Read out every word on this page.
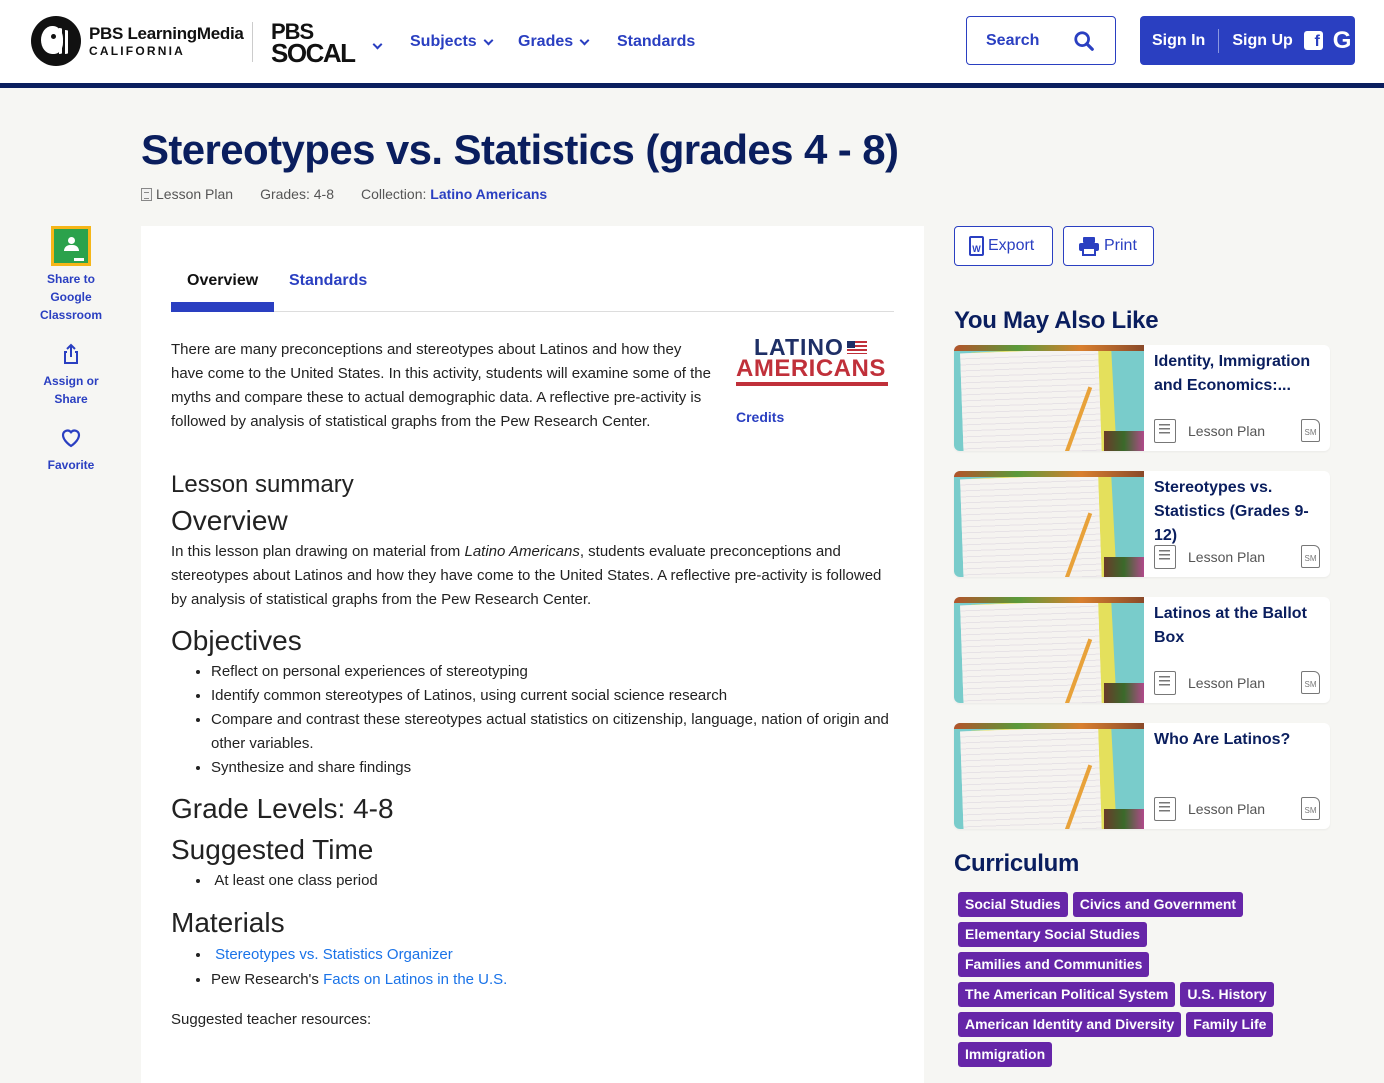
PBS LearningMedia
CALIFORNIA
PBS
SOCAL	Subjects	Grades	Standards	Search	Sign In Sign Up	f G
Stereotypes vs. Statistics (grades 4 - 8)
Lesson Plan Grades: 4-8 Collection: Latino Americans
Share to Google Classroom
Assign or Share
Favorite
Overview Standards

There are many preconceptions and stereotypes about Latinos and how they have come to the United States. In this activity, students will examine some of the myths and compare these to actual demographic data. A reflective pre-activity is followed by analysis of statistical graphs from the Pew Research Center.

LATINO
AMERICANS
Credits
Lesson summary
Overview

In this lesson plan drawing on material from Latino Americans, students evaluate preconceptions and stereotypes about Latinos and how they have come to the United States. A reflective pre-activity is followed by analysis of statistical graphs from the Pew Research Center.

Objectives
• Reflect on personal experiences of stereotyping
• Identify common stereotypes of Latinos, using current social science research
• Compare and contrast these stereotypes actual statistics on citizenship, language, nation of origin and other variables.
• Synthesize and share findings
Grade Levels: 4-8
Suggested Time
•  At least one class period
Materials
•  Stereotypes vs. Statistics Organizer
• Pew Research's Facts on Latinos in the U.S.

Suggested teacher resources:

W Export	Print
You May Also Like
Identity, Immigration and Economics:...
Lesson Plan	SM
Stereotypes vs. Statistics (Grades 9-12)
Lesson Plan	SM
Latinos at the Ballot Box
Lesson Plan	SM
Who Are Latinos?
Lesson Plan	SM
Curriculum
Social Studies	Civics and Government
Elementary Social Studies
Families and Communities
The American Political System	U.S. History
American Identity and Diversity	Family Life
Immigration
